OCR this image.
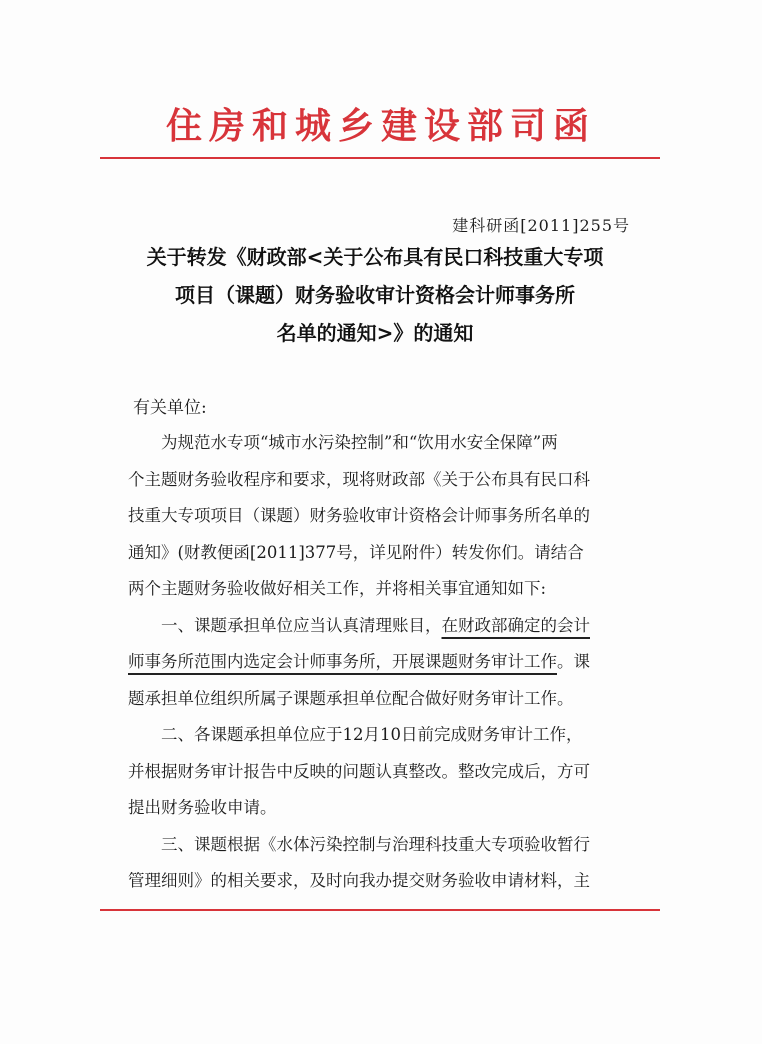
住房和城乡建设部司函
建科研函[2011]255号
关于转发《财政部<关于公布具有民口科技重大专项
项目（课题）财务验收审计资格会计师事务所
名单的通知>》的通知
有关单位:
　　为规范水专项“城市水污染控制”和“饮用水安全保障”两
个主题财务验收程序和要求，现将财政部《关于公布具有民口科
技重大专项项目（课题）财务验收审计资格会计师事务所名单的
通知》(财教便函[2011]377号，详见附件）转发你们。请结合
两个主题财务验收做好相关工作，并将相关事宜通知如下:
　　一、课题承担单位应当认真清理账目，在财政部确定的会计
师事务所范围内选定会计师事务所，开展课题财务审计工作。课
题承担单位组织所属子课题承担单位配合做好财务审计工作。
　　二、各课题承担单位应于12月10日前完成财务审计工作，
并根据财务审计报告中反映的问题认真整改。整改完成后，方可
提出财务验收申请。
　　三、课题根据《水体污染控制与治理科技重大专项验收暂行
管理细则》的相关要求，及时向我办提交财务验收申请材料，主
